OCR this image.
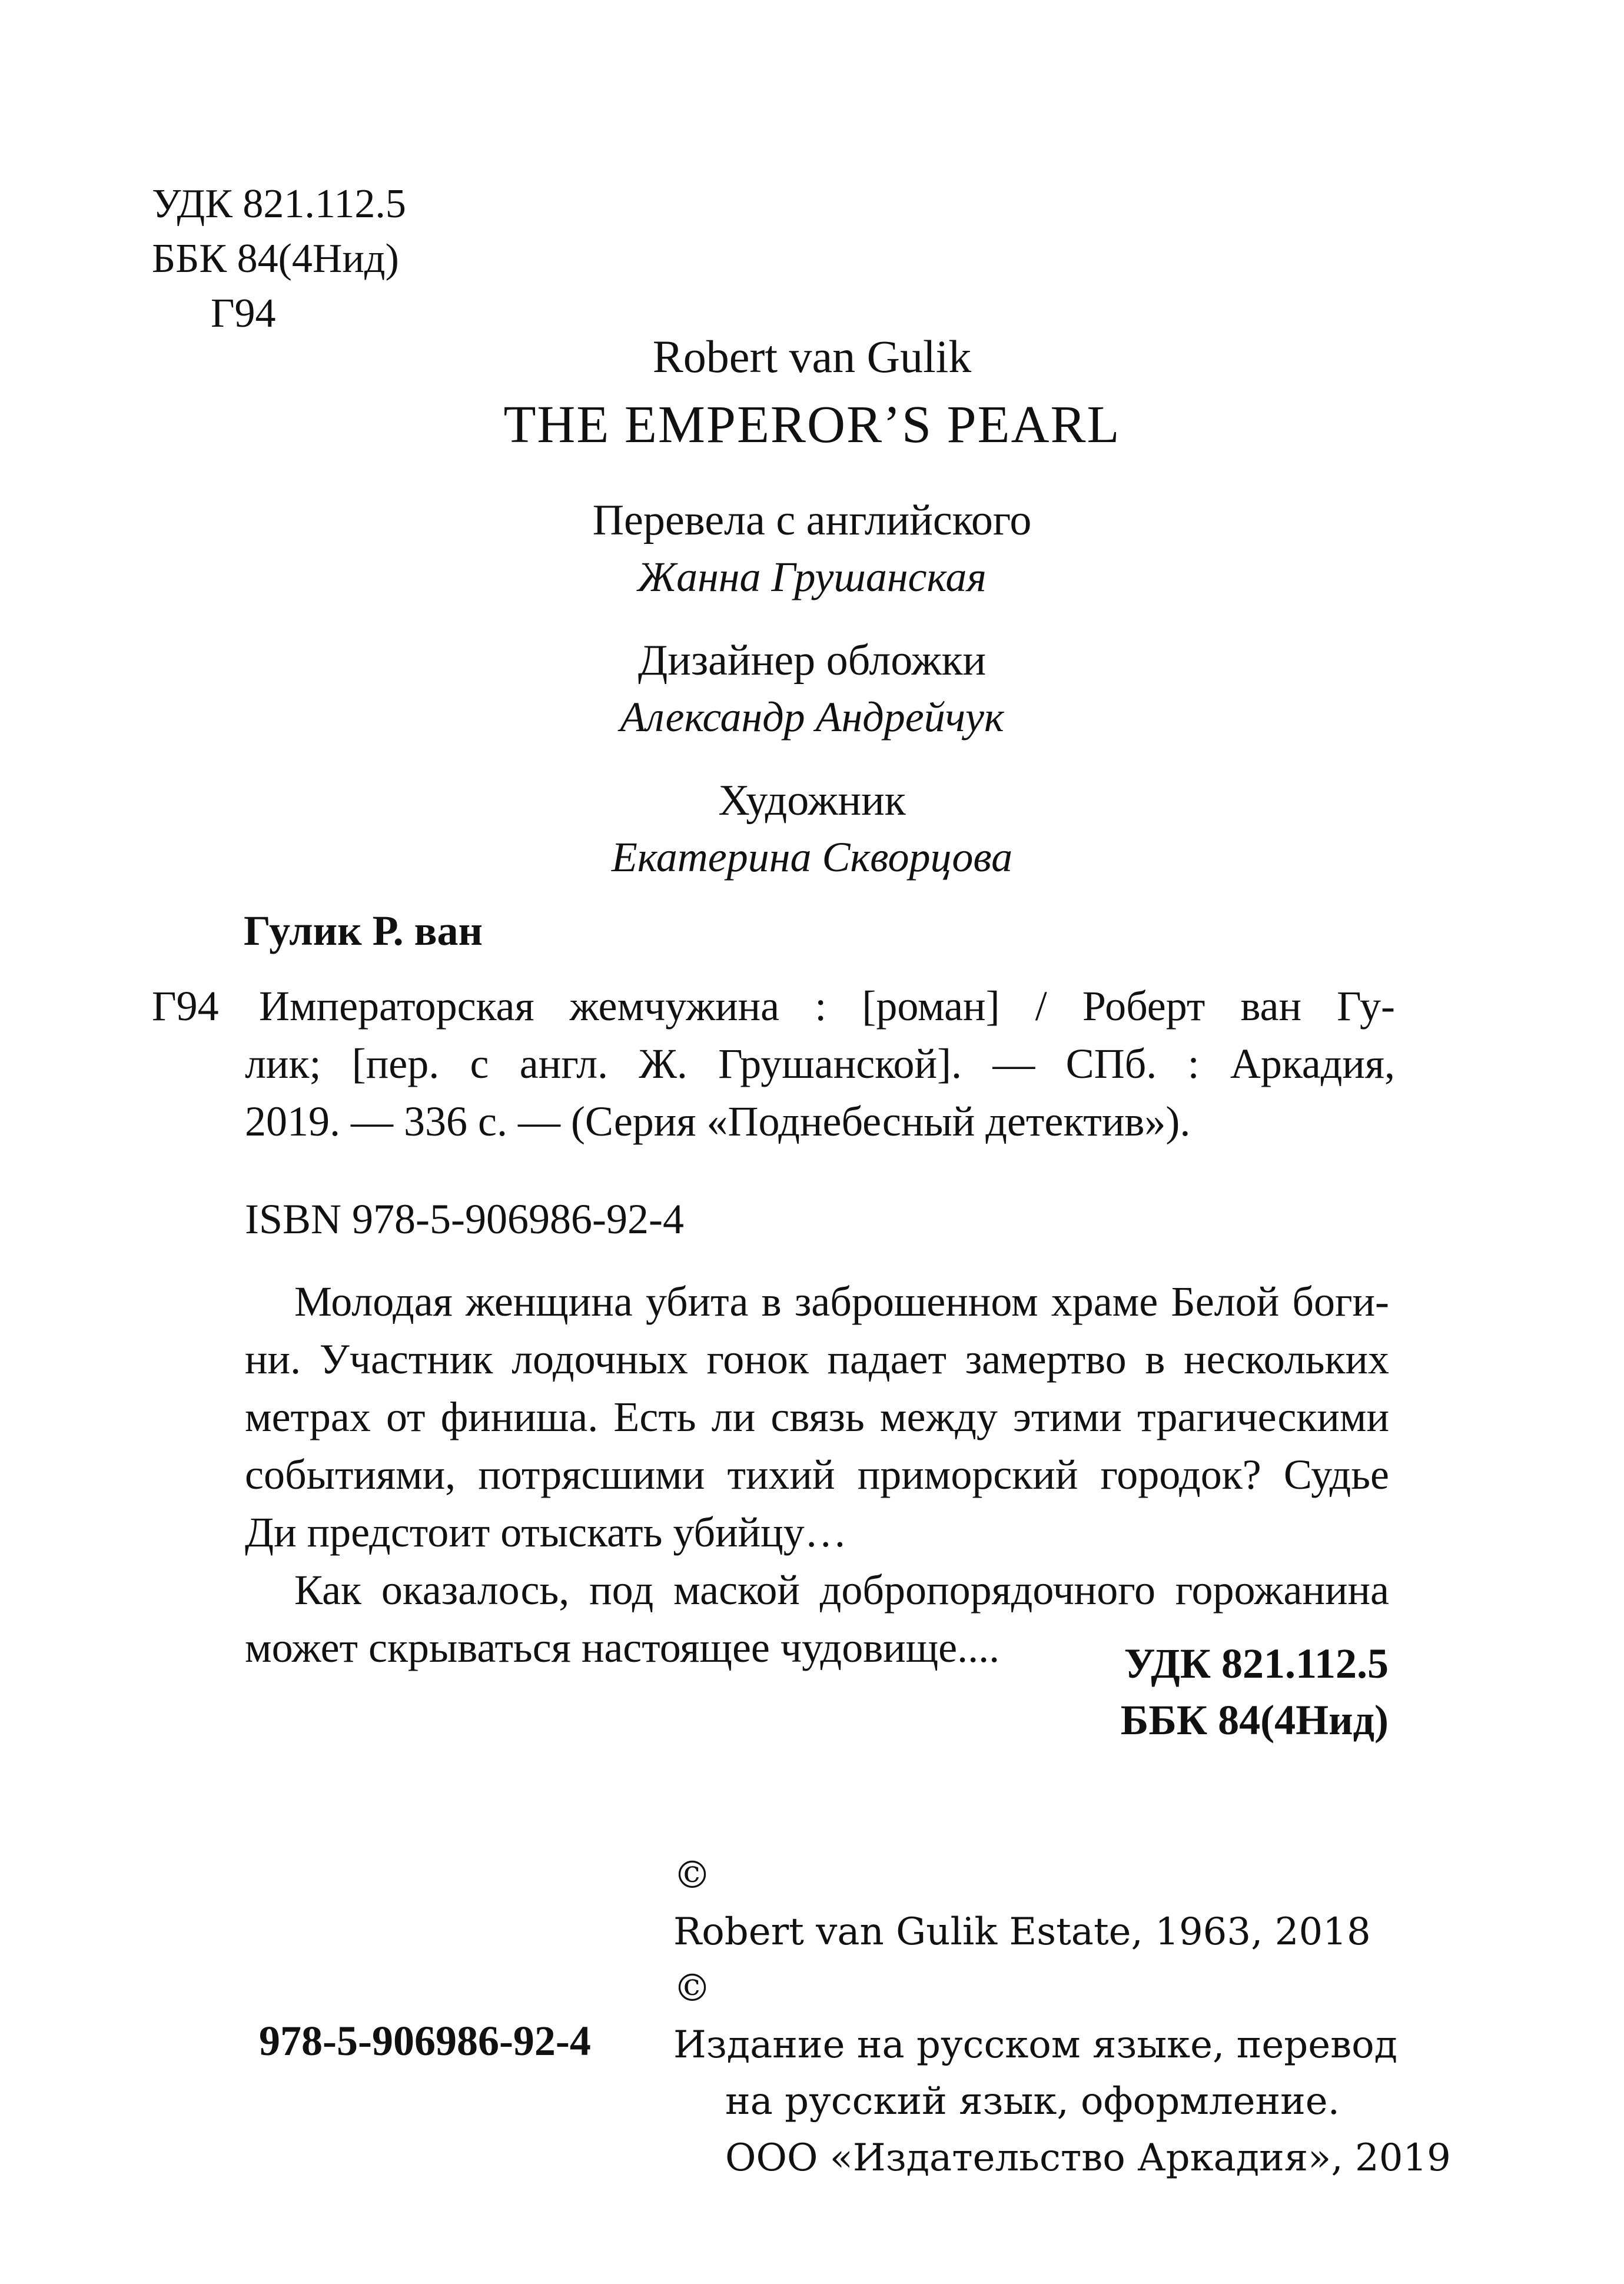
УДК 821.112.5
ББК 84(4Нид)
Г94
Robert van Gulik
THE EMPEROR’S PEARL
Перевела с английского
Жанна Грушанская
Дизайнер обложки
Александр Андрейчук
Художник
Екатерина Скворцова
Гулик Р. ван
Г94 Императорская жемчужина : [роман] / Роберт ван Гу-
лик; [пер. с англ. Ж. Грушанской]. — СПб. : Аркадия,
2019. — 336 с. — (Серия «Поднебесный детектив»).
ISBN 978-5-906986-92-4
Молодая женщина убита в заброшенном храме Белой боги-
ни. Участник лодочных гонок падает замертво в нескольких
метрах от финиша. Есть ли связь между этими трагическими
событиями, потрясшими тихий приморский городок? Судье
Ди предстоит отыскать убийцу…
Как оказалось, под маской добропорядочного горожанина
может скрываться настоящее чудовище....	УДК 821.112.5
ББК 84(4Нид)
©
Robert van Gulik Estate, 1963, 2018
©
Издание на русском языке, перевод
на русский язык, оформление.
ООО «Издательство Аркадия», 2019
978-5-906986-92-4
